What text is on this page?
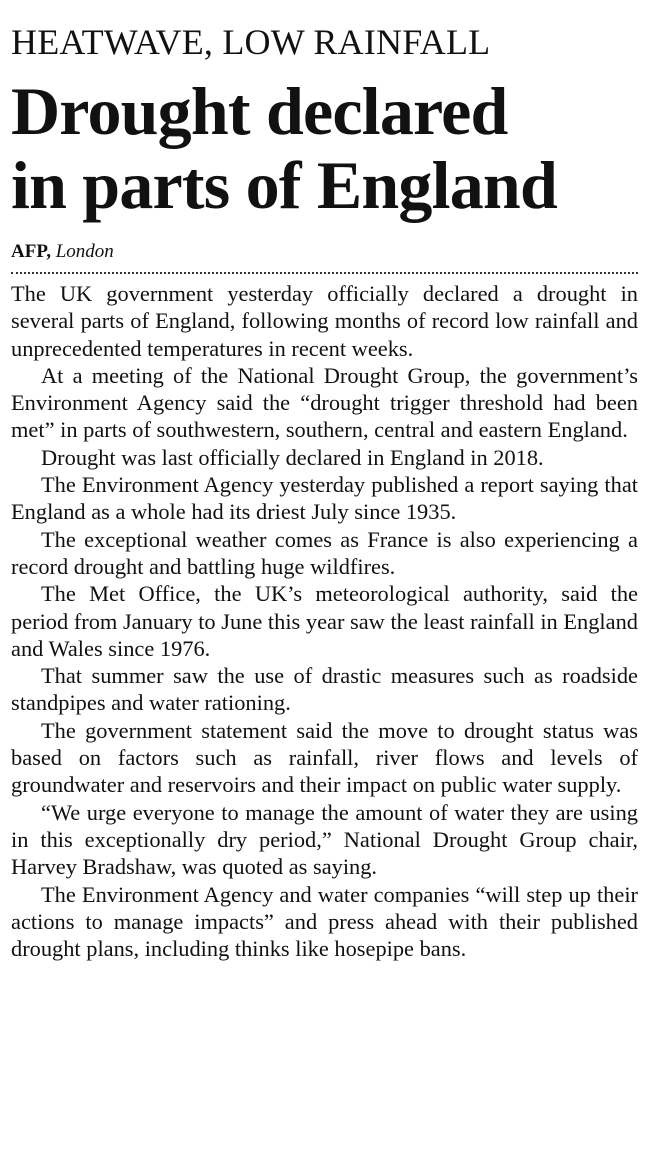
HEATWAVE, LOW RAINFALL
Drought declared
in parts of England
AFP, London

The UK government yesterday officially declared a drought in several parts of England, following months of record low rainfall and unprecedented temperatures in recent weeks.

At a meeting of the National Drought Group, the government’s Environment Agency said the “drought trigger threshold had been met” in parts of southwestern, southern, central and eastern England.

Drought was last officially declared in England in 2018.

The Environment Agency yesterday published a report saying that England as a whole had its driest July since 1935.

The exceptional weather comes as France is also experiencing a record drought and battling huge wildfires.

The Met Office, the UK’s meteorological authority, said the period from January to June this year saw the least rainfall in England and Wales since 1976.

That summer saw the use of drastic measures such as roadside standpipes and water rationing.

The government statement said the move to drought status was based on factors such as rainfall, river flows and levels of groundwater and reservoirs and their impact on public water supply.

“We urge everyone to manage the amount of water they are using in this exceptionally dry period,” National Drought Group chair, Harvey Bradshaw, was quoted as saying.

The Environment Agency and water companies “will step up their actions to manage impacts” and press ahead with their published drought plans, including thinks like hosepipe bans.
